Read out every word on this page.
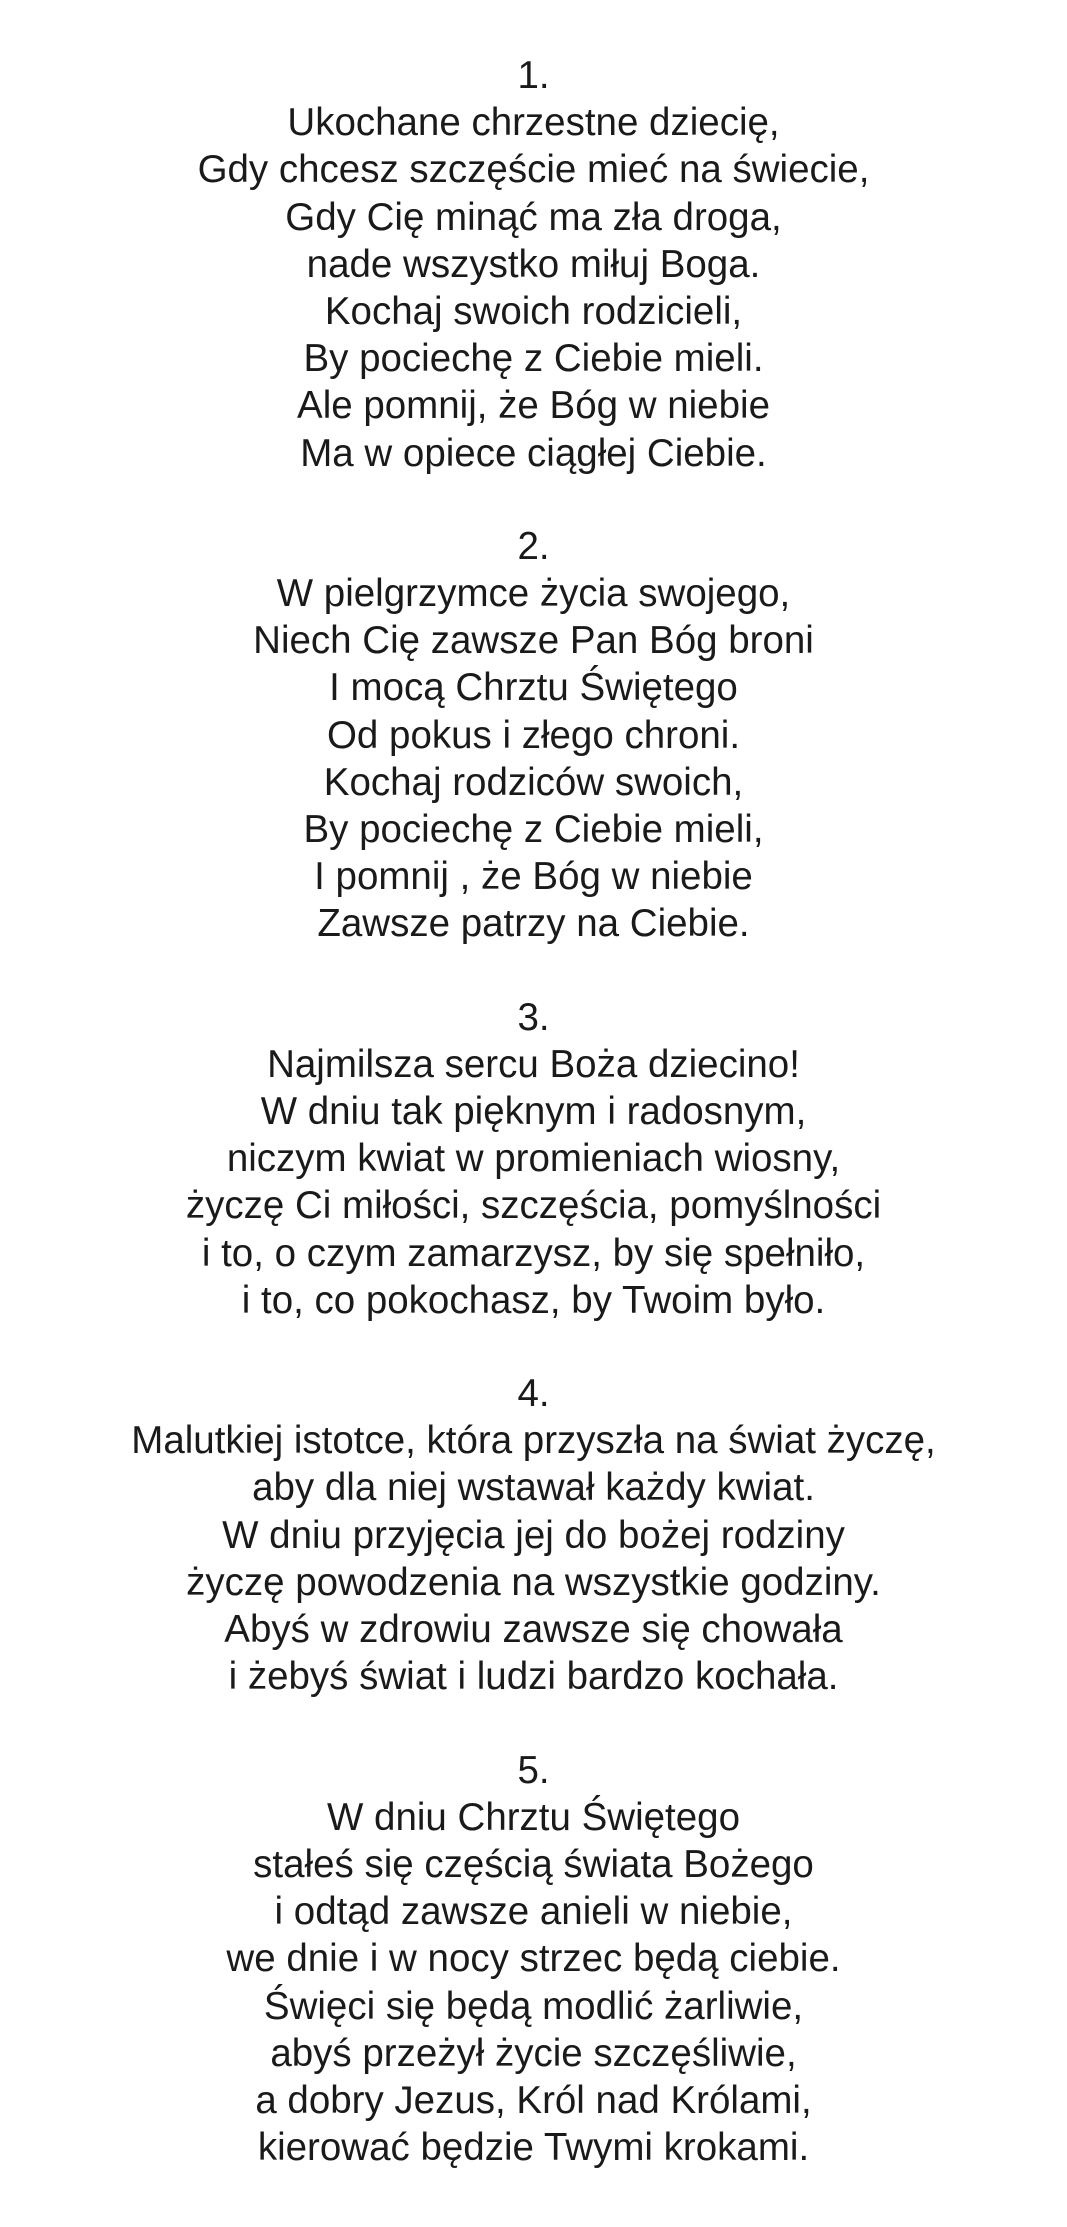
1.
Ukochane chrzestne dziecię,
Gdy chcesz szczęście mieć na świecie,
Gdy Cię minąć ma zła droga,
nade wszystko miłuj Boga.
Kochaj swoich rodzicieli,
By pociechę z Ciebie mieli.
Ale pomnij, że Bóg w niebie
Ma w opiece ciągłej Ciebie.
2.
W pielgrzymce życia swojego,
Niech Cię zawsze Pan Bóg broni
I mocą Chrztu Świętego
Od pokus i złego chroni.
Kochaj rodziców swoich,
By pociechę z Ciebie mieli,
I pomnij , że Bóg w niebie
Zawsze patrzy na Ciebie.
3.
Najmilsza sercu Boża dziecino!
W dniu tak pięknym i radosnym,
niczym kwiat w promieniach wiosny,
życzę Ci miłości, szczęścia, pomyślności
i to, o czym zamarzysz, by się spełniło,
i to, co pokochasz, by Twoim było.
4.
Malutkiej istotce, która przyszła na świat życzę,
aby dla niej wstawał każdy kwiat.
W dniu przyjęcia jej do bożej rodziny
życzę powodzenia na wszystkie godziny.
Abyś w zdrowiu zawsze się chowała
i żebyś świat i ludzi bardzo kochała.
5.
W dniu Chrztu Świętego
stałeś się częścią świata Bożego
i odtąd zawsze anieli w niebie,
we dnie i w nocy strzec będą ciebie.
Święci się będą modlić żarliwie,
abyś przeżył życie szczęśliwie,
a dobry Jezus, Król nad Królami,
kierować będzie Twymi krokami.
